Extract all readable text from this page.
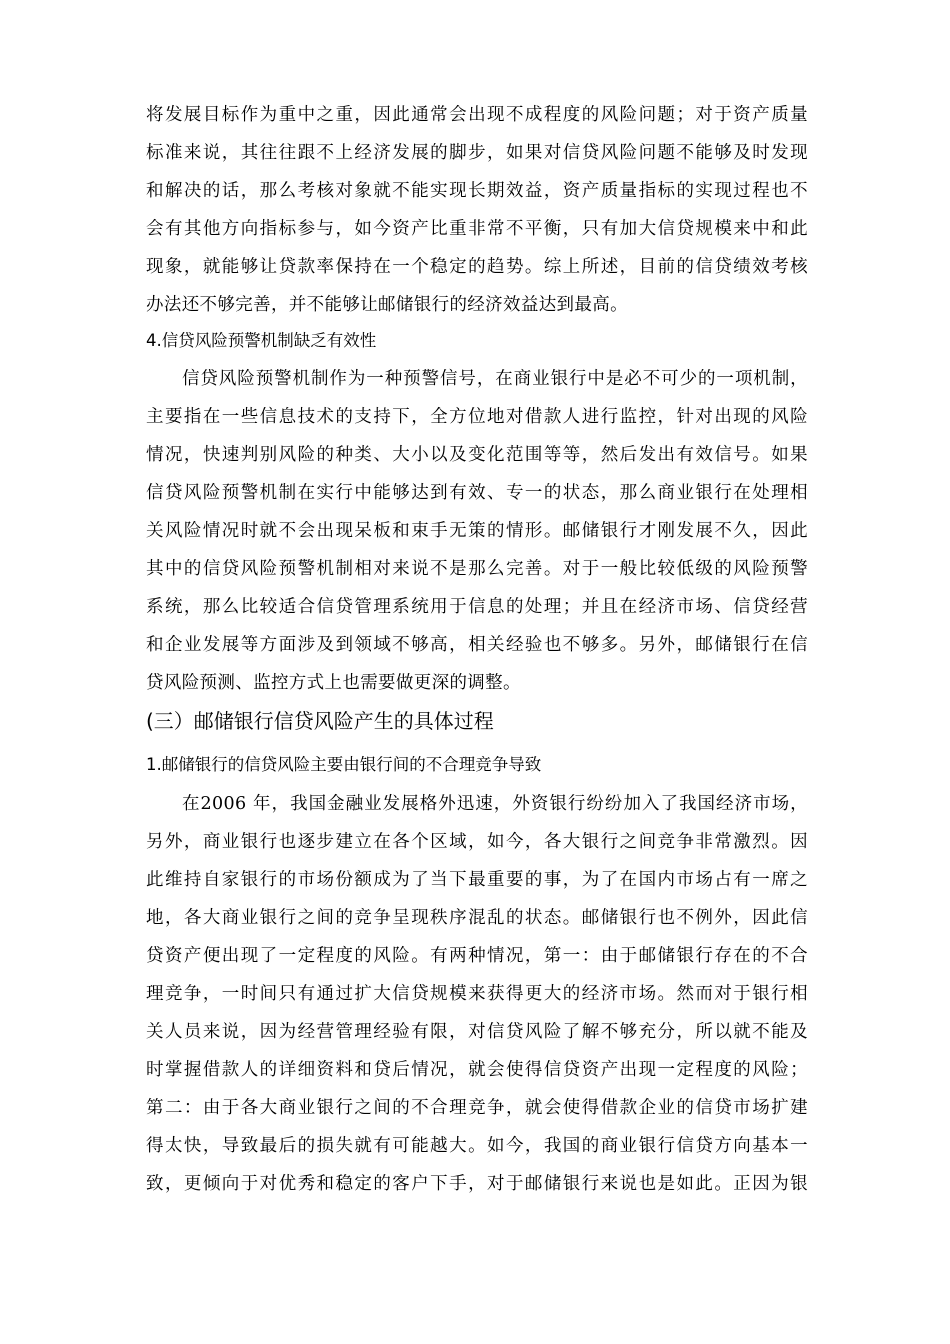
将发展目标作为重中之重，因此通常会出现不成程度的风险问题；对于资产质量
标准来说，其往往跟不上经济发展的脚步，如果对信贷风险问题不能够及时发现
和解决的话，那么考核对象就不能实现长期效益，资产质量指标的实现过程也不
会有其他方向指标参与，如今资产比重非常不平衡，只有加大信贷规模来中和此
现象，就能够让贷款率保持在一个稳定的趋势。综上所述，目前的信贷绩效考核
办法还不够完善，并不能够让邮储银行的经济效益达到最高。
4.信贷风险预警机制缺乏有效性
信贷风险预警机制作为一种预警信号，在商业银行中是必不可少的一项机制，
主要指在一些信息技术的支持下，全方位地对借款人进行监控，针对出现的风险
情况，快速判别风险的种类、大小以及变化范围等等，然后发出有效信号。如果
信贷风险预警机制在实行中能够达到有效、专一的状态，那么商业银行在处理相
关风险情况时就不会出现呆板和束手无策的情形。邮储银行才刚发展不久，因此
其中的信贷风险预警机制相对来说不是那么完善。对于一般比较低级的风险预警
系统，那么比较适合信贷管理系统用于信息的处理；并且在经济市场、信贷经营
和企业发展等方面涉及到领域不够高，相关经验也不够多。另外，邮储银行在信
贷风险预测、监控方式上也需要做更深的调整。
(三）邮储银行信贷风险产生的具体过程
1.邮储银行的信贷风险主要由银行间的不合理竞争导致
在2006 年，我国金融业发展格外迅速，外资银行纷纷加入了我国经济市场，
另外，商业银行也逐步建立在各个区域，如今，各大银行之间竞争非常激烈。因
此维持自家银行的市场份额成为了当下最重要的事，为了在国内市场占有一席之
地，各大商业银行之间的竞争呈现秩序混乱的状态。邮储银行也不例外，因此信
贷资产便出现了一定程度的风险。有两种情况，第一：由于邮储银行存在的不合
理竞争，一时间只有通过扩大信贷规模来获得更大的经济市场。然而对于银行相
关人员来说，因为经营管理经验有限，对信贷风险了解不够充分，所以就不能及
时掌握借款人的详细资料和贷后情况，就会使得信贷资产出现一定程度的风险；
第二：由于各大商业银行之间的不合理竞争，就会使得借款企业的信贷市场扩建
得太快，导致最后的损失就有可能越大。如今，我国的商业银行信贷方向基本一
致，更倾向于对优秀和稳定的客户下手，对于邮储银行来说也是如此。正因为银
